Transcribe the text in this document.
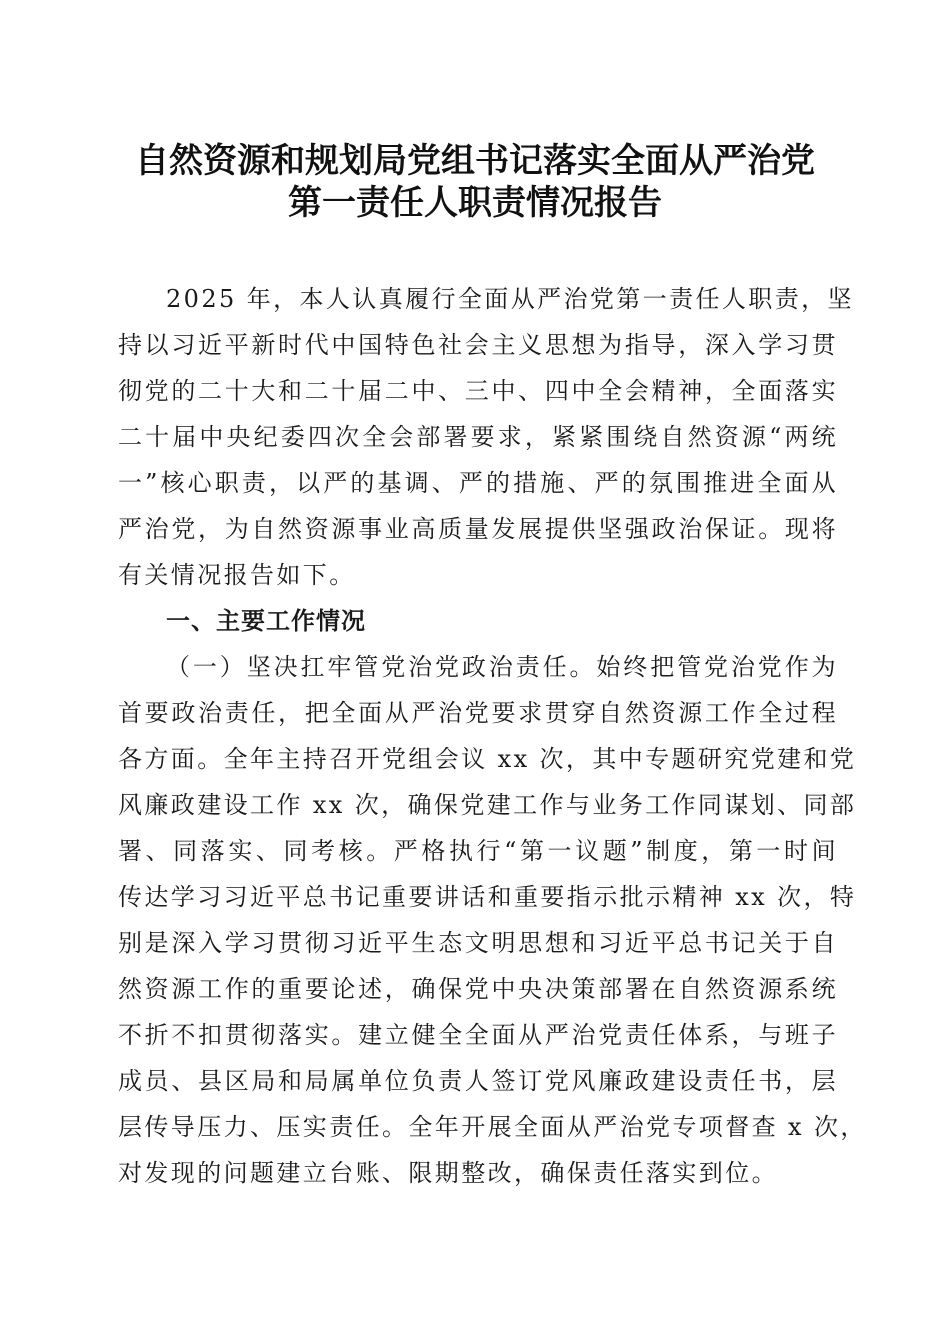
自然资源和规划局党组书记落实全面从严治党
第一责任人职责情况报告
2025 年，本人认真履行全面从严治党第一责任人职责，坚
持以习近平新时代中国特色社会主义思想为指导，深入学习贯
彻党的二十大和二十届二中、三中、四中全会精神，全面落实
二十届中央纪委四次全会部署要求，紧紧围绕自然资源“两统
一”核心职责，以严的基调、严的措施、严的氛围推进全面从
严治党，为自然资源事业高质量发展提供坚强政治保证。现将
有关情况报告如下。
一、主要工作情况
（一）坚决扛牢管党治党政治责任。始终把管党治党作为
首要政治责任，把全面从严治党要求贯穿自然资源工作全过程
各方面。全年主持召开党组会议 xx 次，其中专题研究党建和党
风廉政建设工作 xx 次，确保党建工作与业务工作同谋划、同部
署、同落实、同考核。严格执行“第一议题”制度，第一时间
传达学习习近平总书记重要讲话和重要指示批示精神 xx 次，特
别是深入学习贯彻习近平生态文明思想和习近平总书记关于自
然资源工作的重要论述，确保党中央决策部署在自然资源系统
不折不扣贯彻落实。建立健全全面从严治党责任体系，与班子
成员、县区局和局属单位负责人签订党风廉政建设责任书，层
层传导压力、压实责任。全年开展全面从严治党专项督查 x 次，
对发现的问题建立台账、限期整改，确保责任落实到位。
